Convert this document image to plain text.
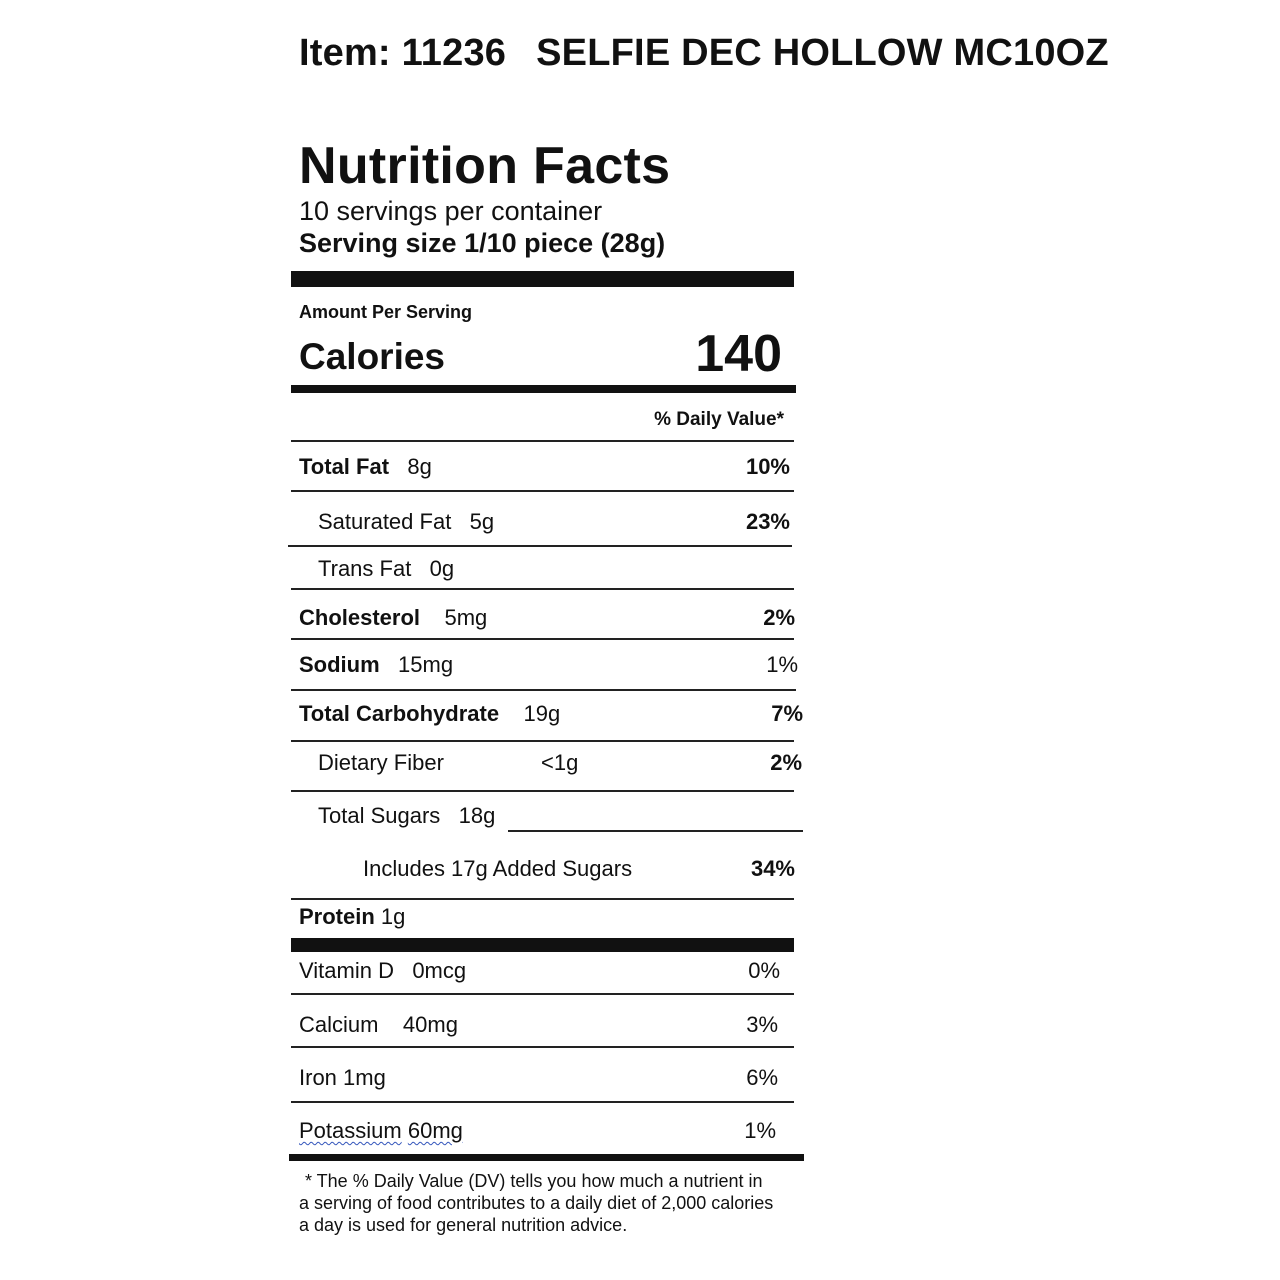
Item: 11236 SELFIE DEC HOLLOW MC10OZ
Nutrition Facts
10 servings per container
Serving size 1/10 piece (28g)
Amount Per Serving
Calories	140
% Daily Value*
Total Fat 8g	10%
Saturated Fat 5g	23%
Trans Fat 0g
Cholesterol 5mg	2%
Sodium 15mg	1%
Total Carbohydrate 19g	7%
Dietary Fiber	<1g	2%
Total Sugars 18g
Includes 17g Added Sugars	34%
Protein 1g
Vitamin D 0mcg	0%
Calcium 40mg	3%
Iron 1mg	6%
Potassium 60mg	1%
* The % Daily Value (DV) tells you how much a nutrient in
a serving of food contributes to a daily diet of 2,000 calories
a day is used for general nutrition advice.
